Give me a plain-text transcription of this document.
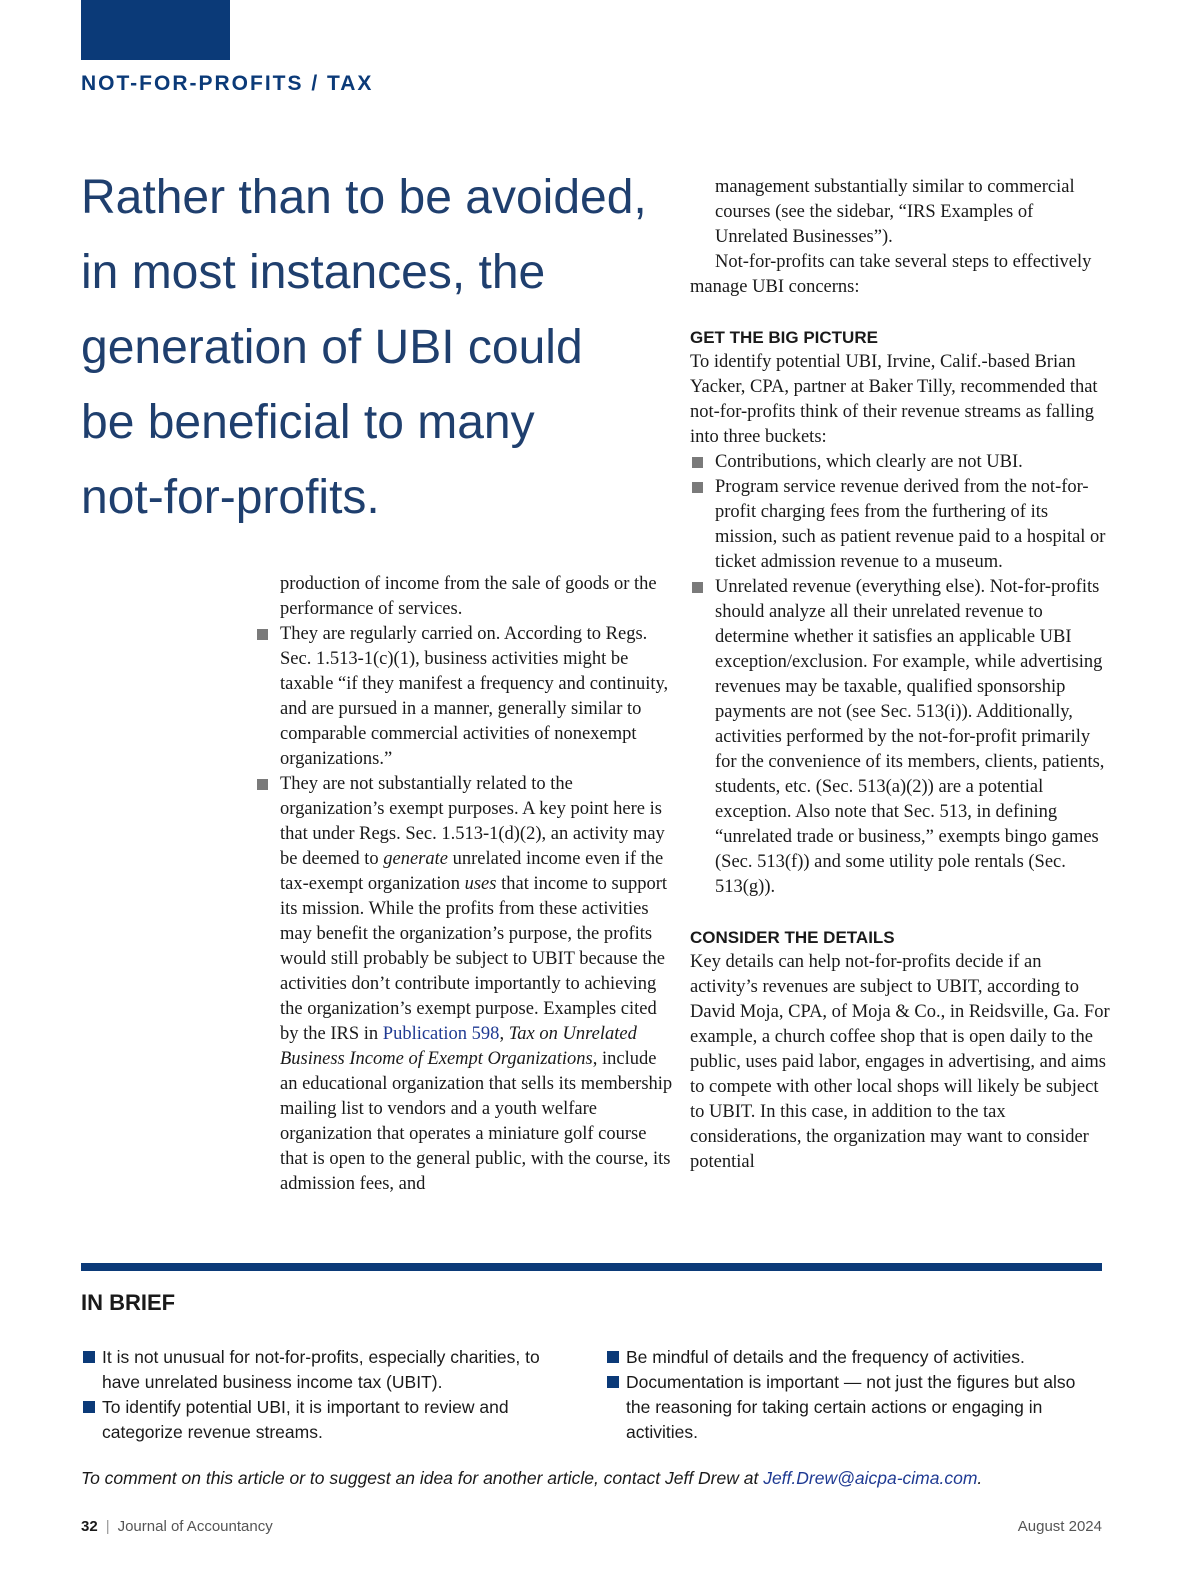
NOT-FOR-PROFITS / TAX
Rather than to be avoided,
in most instances, the
generation of UBI could
be beneficial to many
not-for-profits.

production of income from the sale of goods or the performance of services.

They are regularly carried on. According to Regs. Sec. 1.513-1(c)(1), business activities might be taxable “if they manifest a frequency and continuity, and are pursued in a manner, generally similar to comparable commercial activities of nonexempt organizations.”

They are not substantially related to the organization’s exempt purposes. A key point here is that under Regs. Sec. 1.513-1(d)(2), an activity may be deemed to generate unrelated income even if the tax-exempt organization uses that income to support its mission. While the profits from these activities may benefit the organization’s purpose, the profits would still probably be subject to UBIT because the activities don’t contribute importantly to achieving the organization’s exempt purpose. Examples cited by the IRS in Publication 598, Tax on Unrelated Business Income of Exempt Organizations, include an educational organization that sells its membership mailing list to vendors and a youth welfare organization that operates a miniature golf course that is open to the general public, with the course, its admission fees, and

management substantially similar to commercial courses (see the sidebar, “IRS Examples of Unrelated Businesses”).

Not-for-profits can take several steps to effectively manage UBI concerns:

GET THE BIG PICTURE

To identify potential UBI, Irvine, Calif.-based Brian Yacker, CPA, partner at Baker Tilly, recommended that not-for-profits think of their revenue streams as falling into three buckets:

Contributions, which clearly are not UBI.

Program service revenue derived from the not-for-profit charging fees from the furthering of its mission, such as patient revenue paid to a hospital or ticket admission revenue to a museum.

Unrelated revenue (everything else). Not-for-profits should analyze all their unrelated revenue to determine whether it satisfies an applicable UBI exception/exclusion. For example, while advertising revenues may be taxable, qualified sponsorship payments are not (see Sec. 513(i)). Additionally, activities performed by the not-for-profit primarily for the convenience of its members, clients, patients, students, etc. (Sec. 513(a)(2)) are a potential exception. Also note that Sec. 513, in defining “unrelated trade or business,” exempts bingo games (Sec. 513(f)) and some utility pole rentals (Sec. 513(g)).

CONSIDER THE DETAILS

Key details can help not-for-profits decide if an activity’s revenues are subject to UBIT, according to David Moja, CPA, of Moja & Co., in Reidsville, Ga. For example, a church coffee shop that is open daily to the public, uses paid labor, engages in advertising, and aims to compete with other local shops will likely be subject to UBIT. In this case, in addition to the tax considerations, the organization may want to consider potential

IN BRIEF

It is not unusual for not-for-profits, especially charities, to have unrelated business income tax (UBIT).

To identify potential UBI, it is important to review and categorize revenue streams.

Be mindful of details and the frequency of activities.

Documentation is important — not just the figures but also the reasoning for taking certain actions or engaging in activities.

To comment on this article or to suggest an idea for another article, contact Jeff Drew at Jeff.Drew@aicpa-cima.com.

32 | Journal of Accountancy	August 2024
